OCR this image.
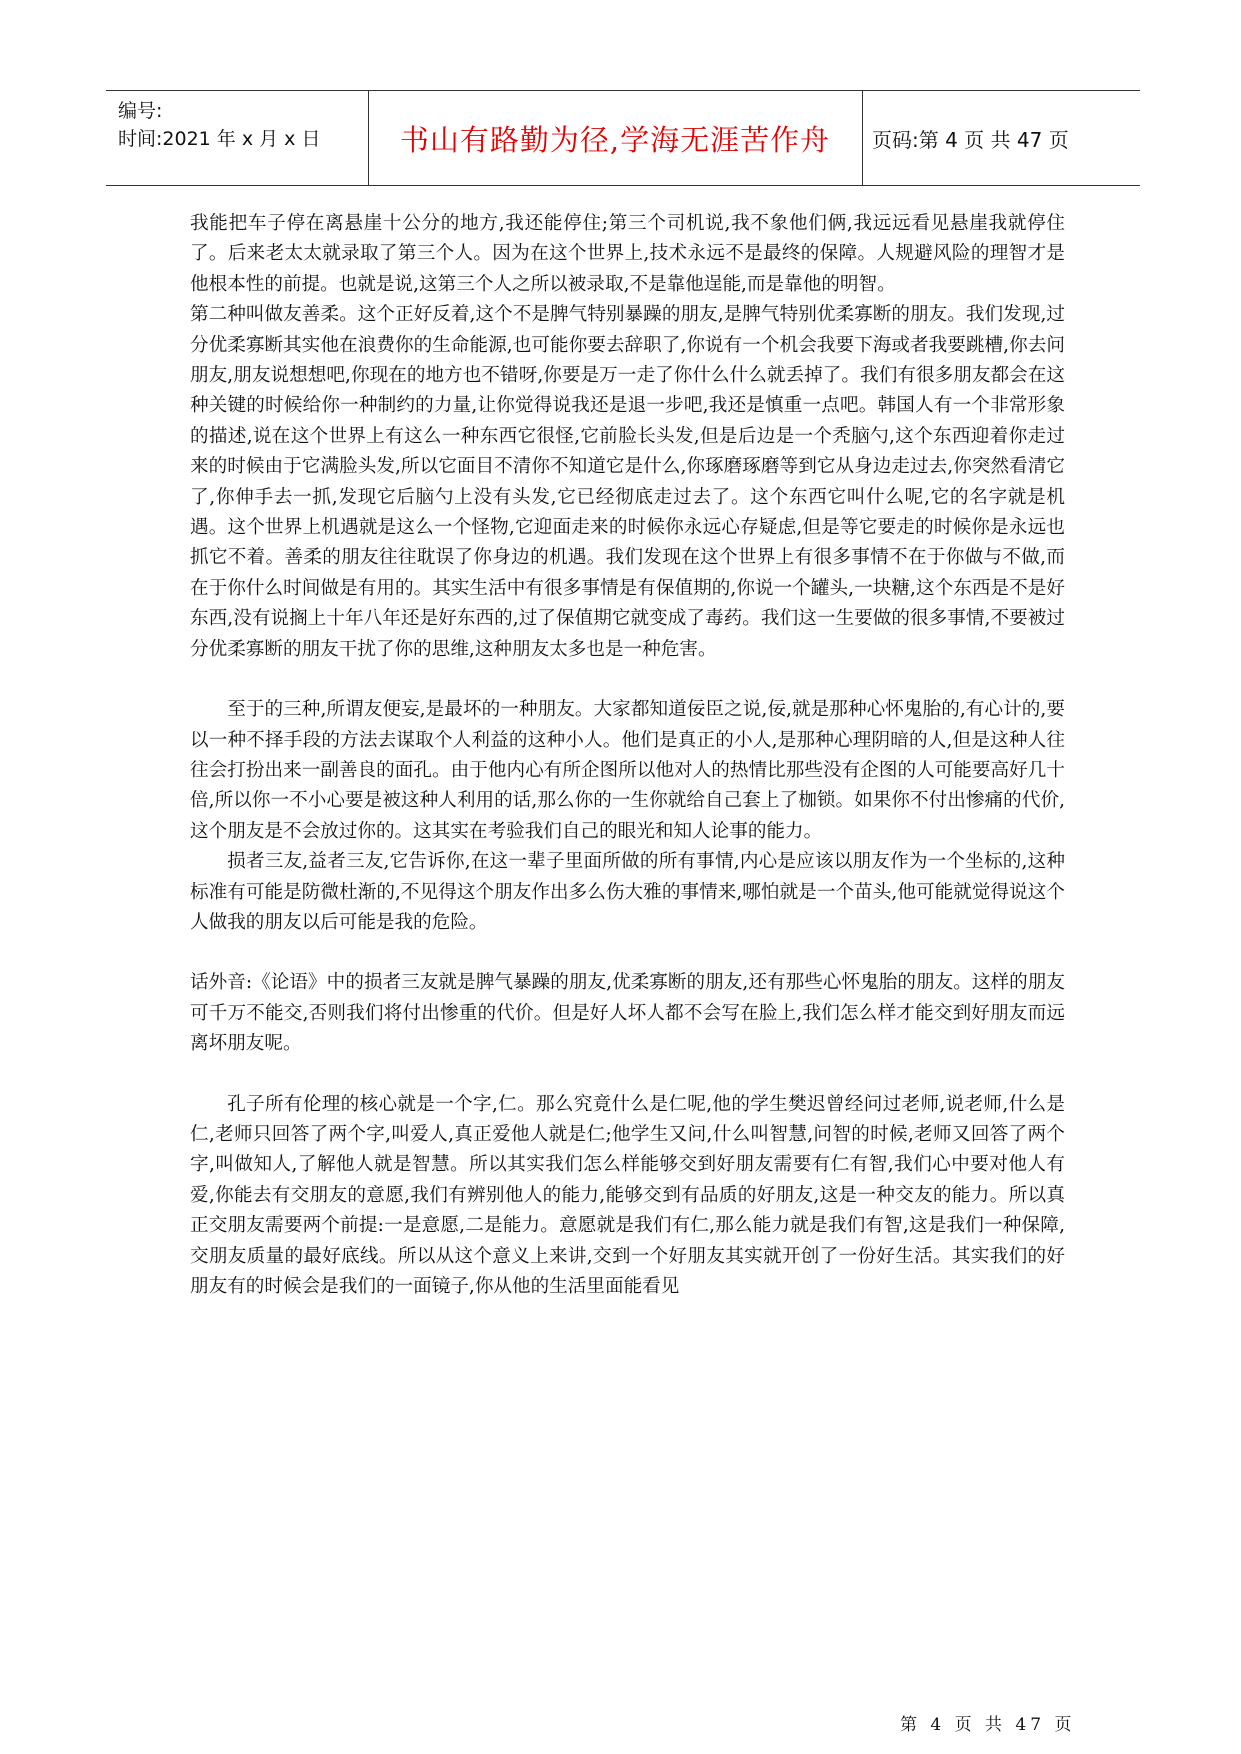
编号:
时间:2021 年 x 月 x 日	书山有路勤为径,学海无涯苦作舟	页码:第 4 页 共 47 页

我能把车子停在离悬崖十公分的地方,我还能停住;第三个司机说,我不象他们俩,我远远看见悬崖我就停住了。后来老太太就录取了第三个人。因为在这个世界上,技术永远不是最终的保障。人规避风险的理智才是他根本性的前提。也就是说,这第三个人之所以被录取,不是靠他逞能,而是靠他的明智。

第二种叫做友善柔。这个正好反着,这个不是脾气特别暴躁的朋友,是脾气特别优柔寡断的朋友。我们发现,过分优柔寡断其实他在浪费你的生命能源,也可能你要去辞职了,你说有一个机会我要下海或者我要跳槽,你去问朋友,朋友说想想吧,你现在的地方也不错呀,你要是万一走了你什么什么就丢掉了。我们有很多朋友都会在这种关键的时候给你一种制约的力量,让你觉得说我还是退一步吧,我还是慎重一点吧。韩国人有一个非常形象的描述,说在这个世界上有这么一种东西它很怪,它前脸长头发,但是后边是一个秃脑勺,这个东西迎着你走过来的时候由于它满脸头发,所以它面目不清你不知道它是什么,你琢磨琢磨等到它从身边走过去,你突然看清它了,你伸手去一抓,发现它后脑勺上没有头发,它已经彻底走过去了。这个东西它叫什么呢,它的名字就是机遇。这个世界上机遇就是这么一个怪物,它迎面走来的时候你永远心存疑虑,但是等它要走的时候你是永远也抓它不着。善柔的朋友往往耽误了你身边的机遇。我们发现在这个世界上有很多事情不在于你做与不做,而在于你什么时间做是有用的。其实生活中有很多事情是有保值期的,你说一个罐头,一块糖,这个东西是不是好东西,没有说搁上十年八年还是好东西的,过了保值期它就变成了毒药。我们这一生要做的很多事情,不要被过分优柔寡断的朋友干扰了你的思维,这种朋友太多也是一种危害。

至于的三种,所谓友便妄,是最坏的一种朋友。大家都知道佞臣之说,佞,就是那种心怀鬼胎的,有心计的,要以一种不择手段的方法去谋取个人利益的这种小人。他们是真正的小人,是那种心理阴暗的人,但是这种人往往会打扮出来一副善良的面孔。由于他内心有所企图所以他对人的热情比那些没有企图的人可能要高好几十倍,所以你一不小心要是被这种人利用的话,那么你的一生你就给自己套上了枷锁。如果你不付出惨痛的代价,这个朋友是不会放过你的。这其实在考验我们自己的眼光和知人论事的能力。

损者三友,益者三友,它告诉你,在这一辈子里面所做的所有事情,内心是应该以朋友作为一个坐标的,这种标准有可能是防微杜渐的,不见得这个朋友作出多么伤大雅的事情来,哪怕就是一个苗头,他可能就觉得说这个人做我的朋友以后可能是我的危险。

话外音:《论语》中的损者三友就是脾气暴躁的朋友,优柔寡断的朋友,还有那些心怀鬼胎的朋友。这样的朋友可千万不能交,否则我们将付出惨重的代价。但是好人坏人都不会写在脸上,我们怎么样才能交到好朋友而远离坏朋友呢。

孔子所有伦理的核心就是一个字,仁。那么究竟什么是仁呢,他的学生樊迟曾经问过老师,说老师,什么是仁,老师只回答了两个字,叫爱人,真正爱他人就是仁;他学生又问,什么叫智慧,问智的时候,老师又回答了两个字,叫做知人,了解他人就是智慧。所以其实我们怎么样能够交到好朋友需要有仁有智,我们心中要对他人有爱,你能去有交朋友的意愿,我们有辨别他人的能力,能够交到有品质的好朋友,这是一种交友的能力。所以真正交朋友需要两个前提:一是意愿,二是能力。意愿就是我们有仁,那么能力就是我们有智,这是我们一种保障,交朋友质量的最好底线。所以从这个意义上来讲,交到一个好朋友其实就开创了一份好生活。其实我们的好朋友有的时候会是我们的一面镜子,你从他的生活里面能看见

第 4 页 共 47 页
